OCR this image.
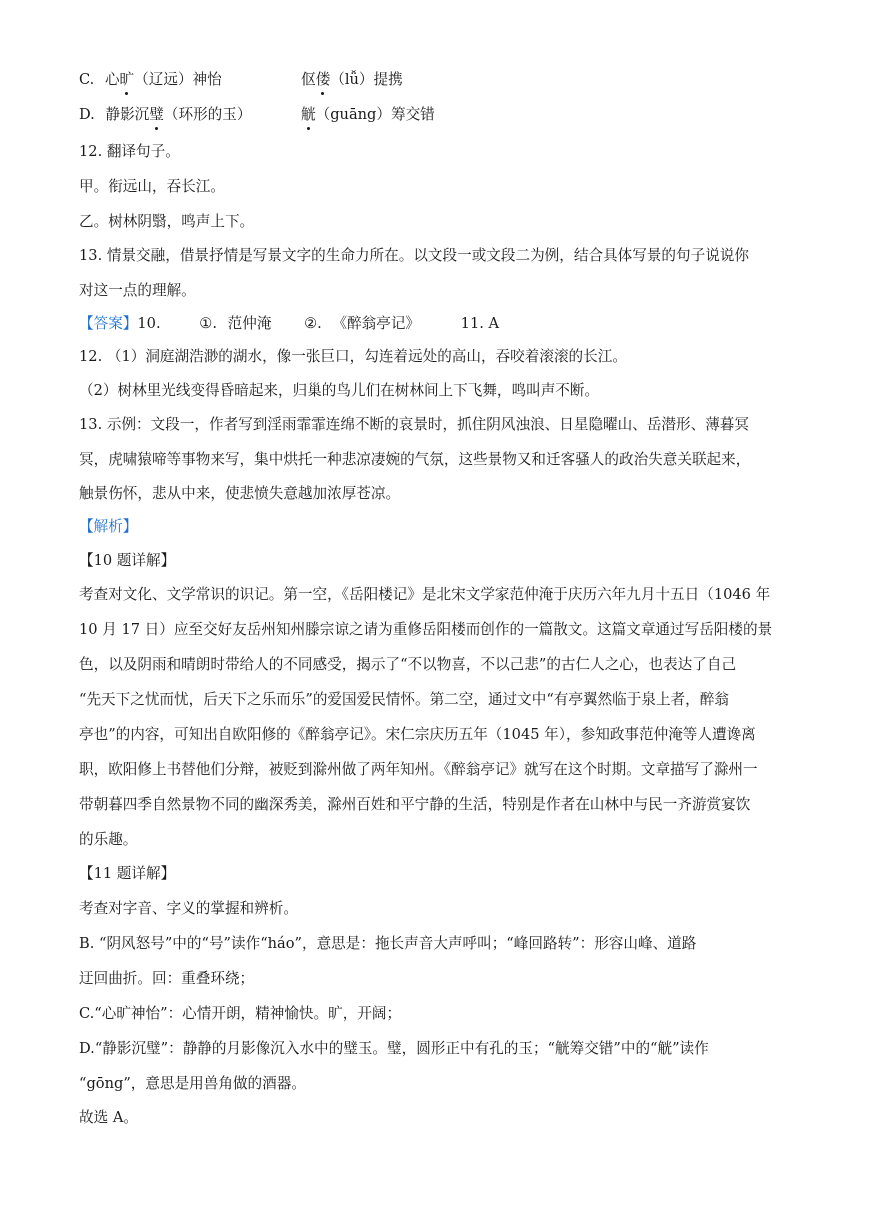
C. 心旷（辽远）神怡	伛偻（lǚ）提携
D. 静影沉璧（环形的玉）	觥（guāng）筹交错
12. 翻译句子。
甲。衔远山，吞长江。
乙。树林阴翳，鸣声上下。
13. 情景交融，借景抒情是写景文字的生命力所在。以文段一或文段二为例，结合具体写景的句子说说你
对这一点的理解。
【答案】10.	①. 范仲淹 ②. 《醉翁亭记》	11. A
12. （1）洞庭湖浩渺的湖水，像一张巨口，勾连着远处的高山，吞咬着滚滚的长江。
（2）树林里光线变得昏暗起来，归巢的鸟儿们在树林间上下飞舞，鸣叫声不断。
13. 示例：文段一，作者写到淫雨霏霏连绵不断的哀景时，抓住阴风浊浪、日星隐曜山、岳潜形、薄暮冥
冥，虎啸猿啼等事物来写，集中烘托一种悲凉凄婉的气氛，这些景物又和迁客骚人的政治失意关联起来，
触景伤怀，悲从中来，使悲愤失意越加浓厚苍凉。
【解析】
【10 题详解】
考查对文化、文学常识的识记。第一空，《岳阳楼记》是北宋文学家范仲淹于庆历六年九月十五日（1046 年
10 月 17 日）应至交好友岳州知州滕宗谅之请为重修岳阳楼而创作的一篇散文。这篇文章通过写岳阳楼的景
色，以及阴雨和晴朗时带给人的不同感受，揭示了“不以物喜，不以己悲”的古仁人之心，也表达了自己
“先天下之忧而忧，后天下之乐而乐”的爱国爱民情怀。第二空，通过文中“有亭翼然临于泉上者，醉翁
亭也”的内容，可知出自欧阳修的《醉翁亭记》。宋仁宗庆历五年（1045 年），参知政事范仲淹等人遭谗离
职，欧阳修上书替他们分辩，被贬到滁州做了两年知州。《醉翁亭记》就写在这个时期。文章描写了滁州一
带朝暮四季自然景物不同的幽深秀美，滁州百姓和平宁静的生活，特别是作者在山林中与民一齐游赏宴饮
的乐趣。
【11 题详解】
考查对字音、字义的掌握和辨析。
B. “阴风怒号”中的“号”读作“háo”，意思是：拖长声音大声呼叫；“峰回路转”：形容山峰、道路
迂回曲折。回：重叠环绕；
C.“心旷神怡”：心情开朗，精神愉快。旷，开阔；
D.“静影沉璧”：静静的月影像沉入水中的璧玉。璧，圆形正中有孔的玉；“觥筹交错”中的“觥”读作
“gōng”，意思是用兽角做的酒器。
故选 A。
